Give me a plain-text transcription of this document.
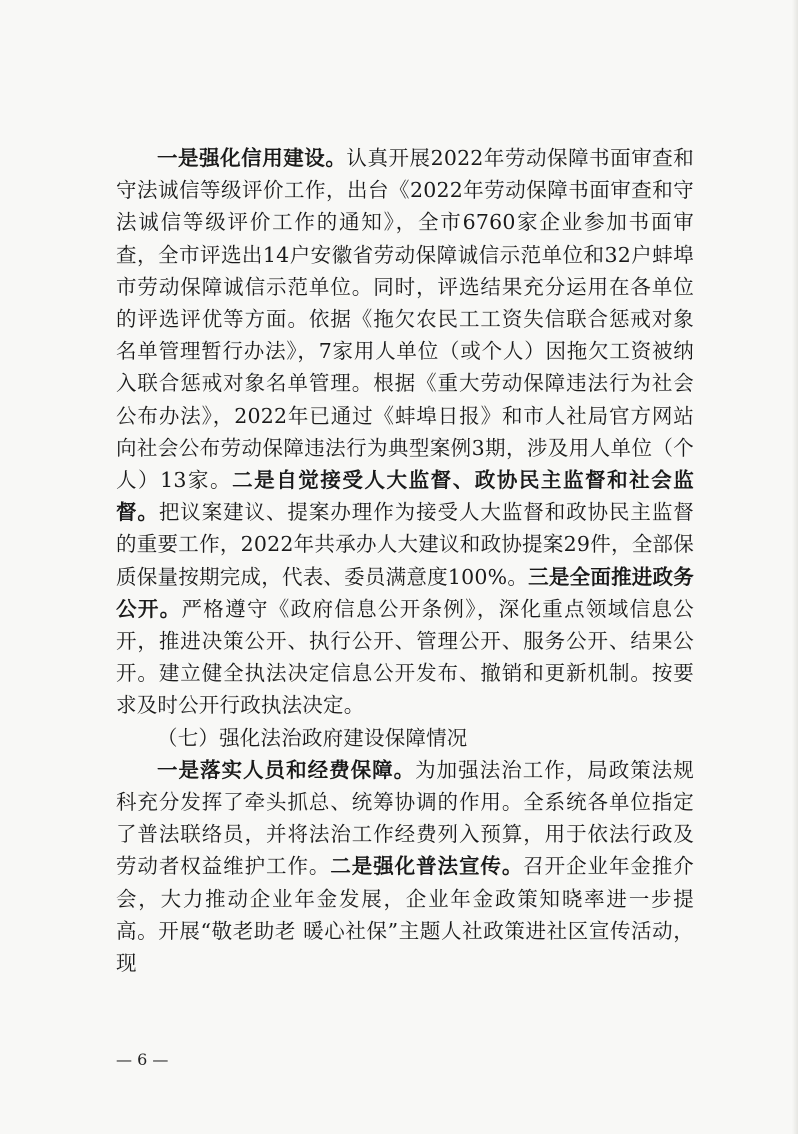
一是强化信用建设。认真开展2022年劳动保障书面审查和守法诚信等级评价工作，出台《2022年劳动保障书面审查和守法诚信等级评价工作的通知》，全市6760家企业参加书面审查，全市评选出14户安徽省劳动保障诚信示范单位和32户蚌埠市劳动保障诚信示范单位。同时，评选结果充分运用在各单位的评选评优等方面。依据《拖欠农民工工资失信联合惩戒对象名单管理暂行办法》，7家用人单位（或个人）因拖欠工资被纳入联合惩戒对象名单管理。根据《重大劳动保障违法行为社会公布办法》，2022年已通过《蚌埠日报》和市人社局官方网站向社会公布劳动保障违法行为典型案例3期，涉及用人单位（个人）13家。二是自觉接受人大监督、政协民主监督和社会监督。把议案建议、提案办理作为接受人大监督和政协民主监督的重要工作，2022年共承办人大建议和政协提案29件，全部保质保量按期完成，代表、委员满意度100%。三是全面推进政务公开。严格遵守《政府信息公开条例》，深化重点领域信息公开，推进决策公开、执行公开、管理公开、服务公开、结果公开。建立健全执法决定信息公开发布、撤销和更新机制。按要求及时公开行政执法决定。

（七）强化法治政府建设保障情况

一是落实人员和经费保障。为加强法治工作，局政策法规科充分发挥了牵头抓总、统筹协调的作用。全系统各单位指定了普法联络员，并将法治工作经费列入预算，用于依法行政及劳动者权益维护工作。二是强化普法宣传。召开企业年金推介会，大力推动企业年金发展，企业年金政策知晓率进一步提高。开展“敬老助老 暖心社保”主题人社政策进社区宣传活动，现

— 6 —
